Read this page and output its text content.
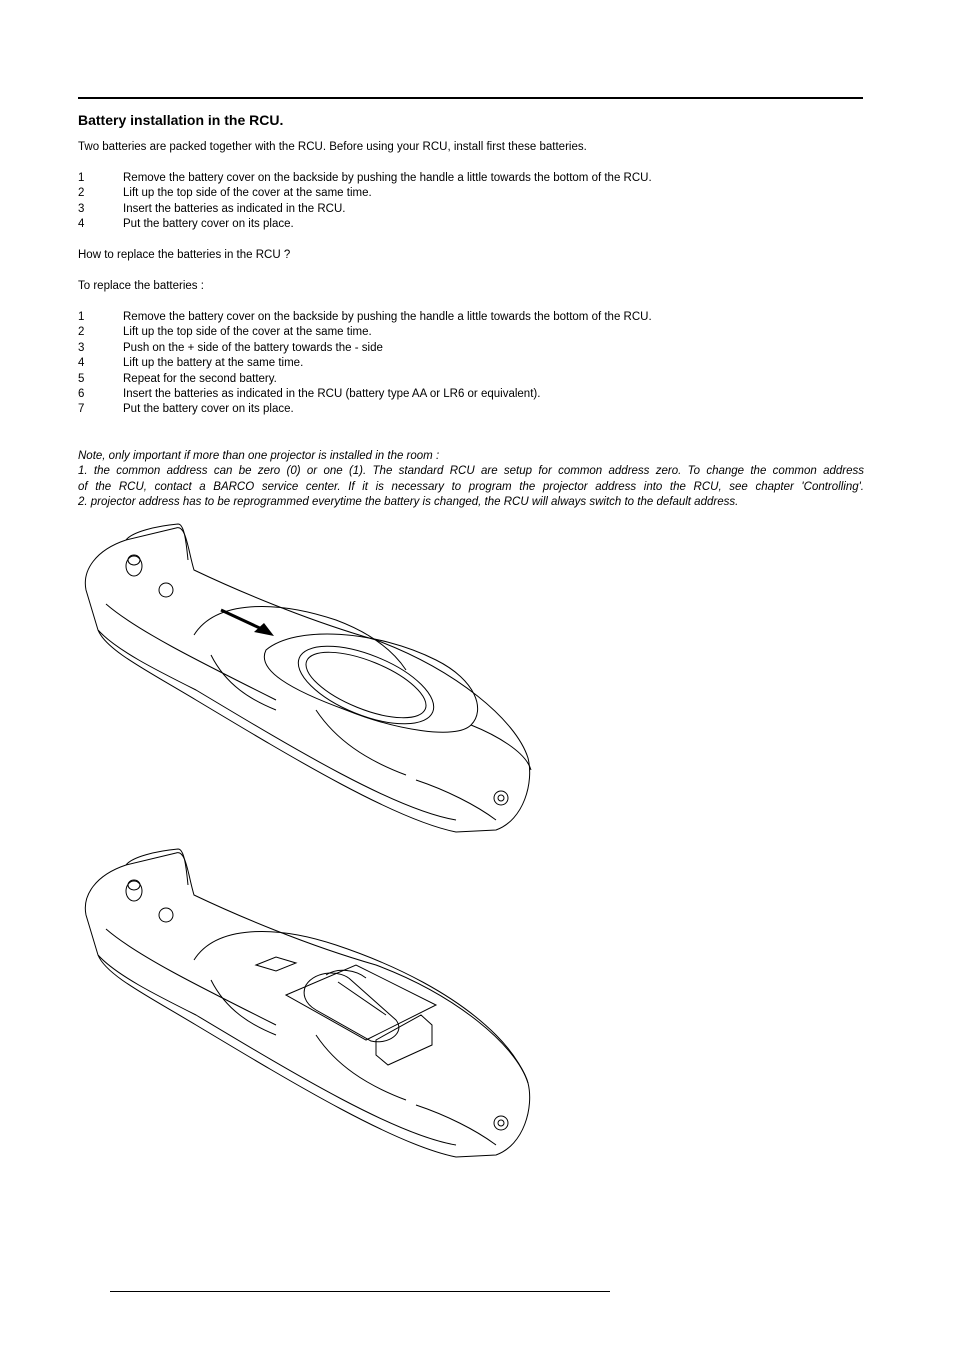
Battery installation in the RCU.
Two batteries are packed together with the RCU. Before using your RCU, install first these batteries.
1	Remove the battery cover on the backside by pushing the handle a little towards the bottom of the RCU.
2	Lift up the top side of the cover at the same time.
3	Insert the batteries as indicated in the RCU.
4	Put the battery cover on its place.
How to replace the batteries in the RCU ?
To replace the batteries :
1	Remove the battery cover on the backside by pushing the handle a little towards the bottom of the RCU.
2	Lift up the top side of the cover at the same time.
3	Push on the + side of the battery towards the - side
4	Lift up the battery at the same time.
5	Repeat for the second battery.
6	Insert the batteries as indicated in the RCU (battery type AA or LR6 or equivalent).
7	Put the battery cover on its place.
Note, only important if more than one projector is installed in the room :
1. the common address can be zero (0) or one (1). The standard RCU are setup for common address zero. To change the common address
of the RCU, contact a BARCO service center. If it is necessary to program the projector address into the RCU, see chapter 'Controlling'.
2. projector address has to be reprogrammed everytime the battery is changed, the RCU will always switch to the default address.
